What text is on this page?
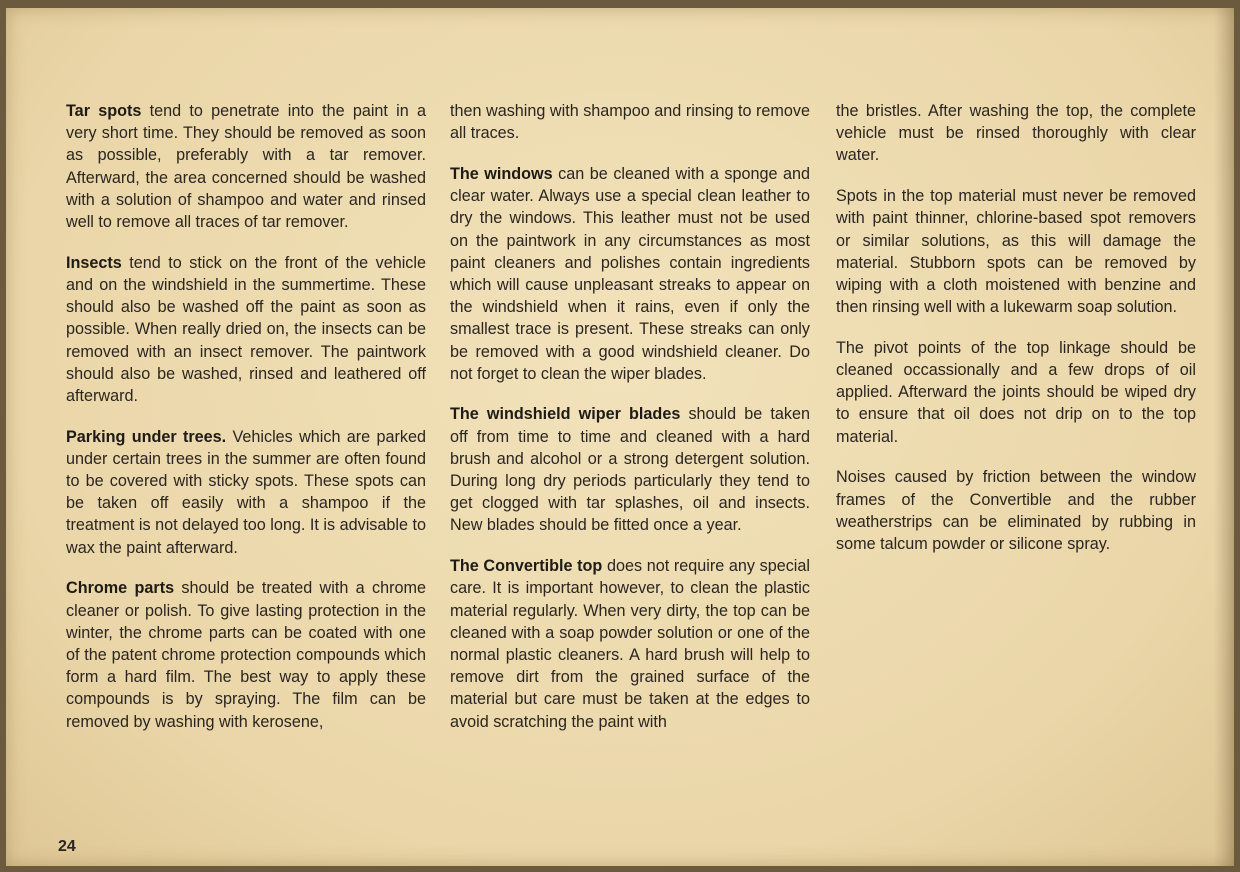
Tar spots tend to penetrate into the paint in a very short time. They should be removed as soon as possible, preferably with a tar remover. Afterward, the area concerned should be washed with a solution of shampoo and water and rinsed well to remove all traces of tar remover.

Insects tend to stick on the front of the vehicle and on the windshield in the summertime. These should also be washed off the paint as soon as possible. When really dried on, the insects can be removed with an insect remover. The paintwork should also be washed, rinsed and leathered off afterward.

Parking under trees. Vehicles which are parked under certain trees in the summer are often found to be covered with sticky spots. These spots can be taken off easily with a shampoo if the treatment is not delayed too long. It is advisable to wax the paint afterward.

Chrome parts should be treated with a chrome cleaner or polish. To give lasting protection in the winter, the chrome parts can be coated with one of the patent chrome protection compounds which form a hard film. The best way to apply these compounds is by spraying. The film can be removed by washing with kerosene,

then washing with shampoo and rinsing to remove all traces.

The windows can be cleaned with a sponge and clear water. Always use a special clean leather to dry the windows. This leather must not be used on the paintwork in any circumstances as most paint cleaners and polishes contain ingredients which will cause unpleasant streaks to appear on the windshield when it rains, even if only the smallest trace is present. These streaks can only be removed with a good windshield cleaner. Do not forget to clean the wiper blades.

The windshield wiper blades should be taken off from time to time and cleaned with a hard brush and alcohol or a strong detergent solution. During long dry periods particularly they tend to get clogged with tar splashes, oil and insects. New blades should be fitted once a year.

The Convertible top does not require any special care. It is important however, to clean the plastic material regularly. When very dirty, the top can be cleaned with a soap powder solution or one of the normal plastic cleaners. A hard brush will help to remove dirt from the grained surface of the material but care must be taken at the edges to avoid scratching the paint with

the bristles. After washing the top, the complete vehicle must be rinsed thoroughly with clear water.

Spots in the top material must never be removed with paint thinner, chlorine-based spot removers or similar solutions, as this will damage the material. Stubborn spots can be removed by wiping with a cloth moistened with benzine and then rinsing well with a lukewarm soap solution.

The pivot points of the top linkage should be cleaned occassionally and a few drops of oil applied. Afterward the joints should be wiped dry to ensure that oil does not drip on to the top material.

Noises caused by friction between the window frames of the Convertible and the rubber weatherstrips can be eliminated by rubbing in some talcum powder or silicone spray.

24
